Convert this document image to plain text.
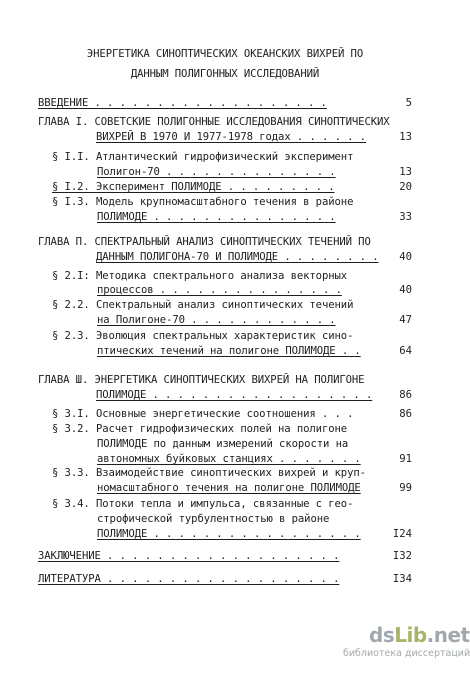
ЭНЕРГЕТИКА СИНОПТИЧЕСКИХ ОКЕАНСКИХ ВИХРЕЙ ПО
ДАННЫМ ПОЛИГОННЫХ ИССЛЕДОВАНИЙ
ВВЕДЕНИЕ . . . . . . . . . . . . . . . . . . .	5
ГЛАВА I. СОВЕТСКИЕ ПОЛИГОННЫЕ ИССЛЕДОВАНИЯ СИНОПТИЧЕСКИХ
ВИХРЕЙ В 1970 И 1977-1978 годах . . . . . .	13
§ I.I. Атлантический гидрофизический эксперимент
Полигон-70 . . . . . . . . . . . . . .	13
§ I.2. Эксперимент ПОЛИМОДЕ . . . . . . . . .	20
§ I.3. Модель крупномасштабного течения в районе
ПОЛИМОДЕ . . . . . . . . . . . . . . .	33
ГЛАВА П. СПЕКТРАЛЬНЫЙ АНАЛИЗ СИНОПТИЧЕСКИХ ТЕЧЕНИЙ ПО
ДАННЫМ ПОЛИГОНА-70 И ПОЛИМОДЕ . . . . . . . .	40
§ 2.I: Методика спектрального анализа векторных
процессов . . . . . . . . . . . . . . .	40
§ 2.2. Спектральный анализ синоптических течений
на Полигоне-70 . . . . . . . . . . . .	47
§ 2.3. Эволюция спектральных характеристик сино-
птических течений на полигоне ПОЛИМОДЕ . .	64
ГЛАВА Ш. ЭНЕРГЕТИКА СИНОПТИЧЕСКИХ ВИХРЕЙ НА ПОЛИГОНЕ
ПОЛИМОДЕ . . . . . . . . . . . . . . . . . .	86
§ 3.I. Основные энергетические соотношения . . .	86
§ 3.2. Расчет гидрофизических полей на полигоне
ПОЛИМОДЕ по данным измерений скорости на
автономных буйковых станциях . . . . . . .	91
§ 3.3. Взаимодействие синоптических вихрей и круп-
номасштабного течения на полигоне ПОЛИМОДЕ	99
§ 3.4. Потоки тепла и импульса, связанные с гео-
строфической турбулентностью в районе
ПОЛИМОДЕ . . . . . . . . . . . . . . . . .	I24
ЗАКЛЮЧЕНИЕ . . . . . . . . . . . . . . . . . . .	I32
ЛИТЕРАТУРА . . . . . . . . . . . . . . . . . . .	I34
dsLib.net
библиотека диссертаций
